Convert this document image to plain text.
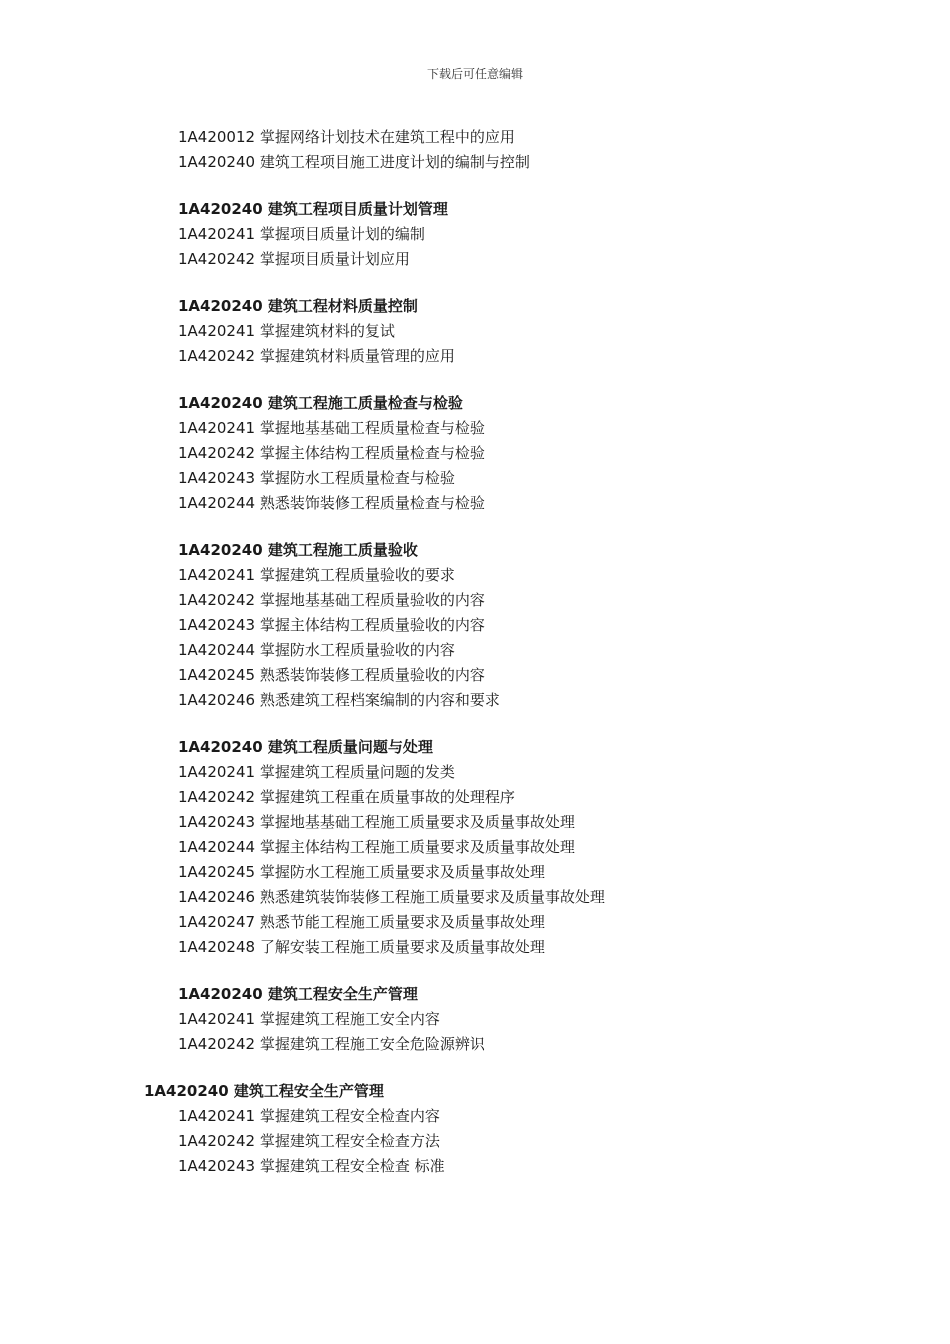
下载后可任意编辑
1A420012 掌握网络计划技术在建筑工程中的应用
1A420240 建筑工程项目施工进度计划的编制与控制
1A420240 建筑工程项目质量计划管理
1A420241 掌握项目质量计划的编制
1A420242 掌握项目质量计划应用
1A420240 建筑工程材料质量控制
1A420241 掌握建筑材料的复试
1A420242 掌握建筑材料质量管理的应用
1A420240 建筑工程施工质量检查与检验
1A420241 掌握地基基础工程质量检查与检验
1A420242 掌握主体结构工程质量检查与检验
1A420243 掌握防水工程质量检查与检验
1A420244 熟悉装饰装修工程质量检查与检验
1A420240 建筑工程施工质量验收
1A420241 掌握建筑工程质量验收的要求
1A420242 掌握地基基础工程质量验收的内容
1A420243 掌握主体结构工程质量验收的内容
1A420244 掌握防水工程质量验收的内容
1A420245 熟悉装饰装修工程质量验收的内容
1A420246 熟悉建筑工程档案编制的内容和要求
1A420240 建筑工程质量问题与处理
1A420241 掌握建筑工程质量问题的发类
1A420242 掌握建筑工程重在质量事故的处理程序
1A420243 掌握地基基础工程施工质量要求及质量事故处理
1A420244 掌握主体结构工程施工质量要求及质量事故处理
1A420245 掌握防水工程施工质量要求及质量事故处理
1A420246 熟悉建筑装饰装修工程施工质量要求及质量事故处理
1A420247 熟悉节能工程施工质量要求及质量事故处理
1A420248 了解安装工程施工质量要求及质量事故处理
1A420240 建筑工程安全生产管理
1A420241 掌握建筑工程施工安全内容
1A420242 掌握建筑工程施工安全危险源辨识
1A420240 建筑工程安全生产管理
1A420241 掌握建筑工程安全检查内容
1A420242 掌握建筑工程安全检查方法
1A420243 掌握建筑工程安全检查 标准
